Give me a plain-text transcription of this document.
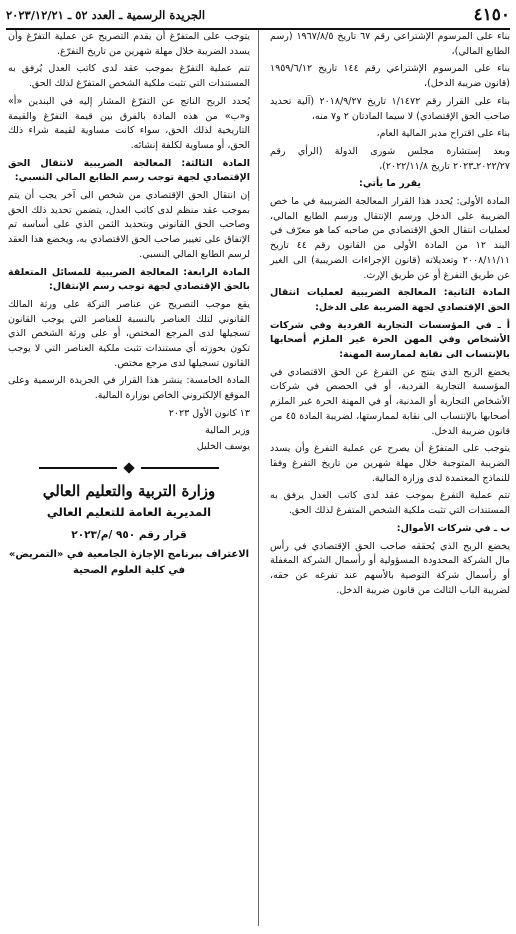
٤١٥٠
الجريدة الرسمية ـ العدد ٥٢ ـ ٢٠٢٣/١٢/٢١

بناء على المرسوم الإشتراعي رقم ٦٧ تاريخ ١٩٦٧/٨/٥ (رسم الطابع المالي)،

بناء على المرسوم الإشتراعي رقم ١٤٤ تاريخ ١٩٥٩/٦/١٢ (قانون ضريبة الدخل)،

بناء على القرار رقم ١/١٤٧٢ تاريخ ٢٠١٨/٩/٢٧ (آلية تحديد صاحب الحق الإقتصادي) لا سيما المادتان ٢ و٧ منه،

بناء على اقتراح مدير المالية العام،

وبعد إستشارة مجلس شورى الدولة (الرأي رقم ٢٠٢٢/٢٧ـ٢٠٢٣ تاريخ ٢٠٢٢/١١/٨)،

يقرر ما يأتي:

المادة الأولى: يُحدد هذا القرار المعالجة الضريبية في ما خص الضريبة على الدخل ورسم الإنتقال ورسم الطابع المالي، لعمليات انتقال الحق الإقتصادي من صاحبه كما هو معرّف في البند ١٢ من المادة الأولى من القانون رقم ٤٤ تاريخ ٢٠٠٨/١١/١١ وتعديلاته (قانون الإجراءات الضريبية) الى الغير عن طريق التفرغ أو عن طريق الإرث.

المادة الثانية: المعالجة الضريبية لعمليات انتقال الحق الإقتصادي لجهة الضريبة على الدخل:

أ ـ في المؤسسات التجارية الفردية وفي شركات الأشخاص وفي المهن الحرة غير الملزم أصحابها بالإنتساب الى نقابة لممارسة المهنة:

يخضع الربح الذي ينتج عن التفرغ عن الحق الاقتصادي في المؤسسة التجارية الفردية، أو في الحصص في شركات الأشخاص التجارية أو المدنية، أو في المهنة الحرة غير الملزم أصحابها بالإنتساب الى نقابة لممارستها، لضريبة المادة ٤٥ من قانون ضريبة الدخل.

يتوجب على المتفرّغ أن يصرح عن عملية التفرغ وأن يسدد الضريبة المتوجبة خلال مهلة شهرين من تاريخ التفرغ وفقا للنماذج المعتمدة لدى وزارة المالية.

تتم عملية التفرغ بموجب عقد لدى كاتب العدل يرفق به المستندات التي تثبت ملكية الشخص المتفرغ لذلك الحق.

ب ـ في شركات الأموال:

يخضع الربح الذي يُحققه صاحب الحق الإقتصادي في رأس مال الشركة المحدودة المسؤولية أو رأسمال الشركة المغفلة أو رأسمال شركة التوصية بالأسهم عند تفرغه عن حقه، لضريبة الباب الثالث من قانون ضريبة الدخل.

يتوجب على المتفرّغ أن يقدم التصريح عن عملية التفرّغ وأن يسدد الضريبة خلال مهلة شهرين من تاريخ التفرّغ.

تتم عملية التفرّغ بموجب عقد لدى كاتب العدل يُرفق به المستندات التي تثبت ملكية الشخص المتفرّغ لذلك الحق.

يُحدد الربح الناتج عن التفرّغ المشار إليه في البندين «أ» و«ب» من هذه المادة بالفرق بين قيمة التفرّغ والقيمة التاريخية لذلك الحق، سواء كانت مساوية لقيمة شراء ذلك الحق، أو مساوية لكلفة إنشائه.

المادة الثالثة: المعالجة الضريبية لانتقال الحق الإقتصادي لجهة توجب رسم الطابع المالي النسبي:

إن انتقال الحق الإقتصادي من شخص الى آخر يجب أن يتم بموجب عقد منظم لدى كاتب العدل، يتضمن تحديد ذلك الحق وصاحب الحق القانوني وبتحديد الثمن الذي على أساسه تم الإتفاق على تغيير صاحب الحق الاقتصادي به، ويخضع هذا العقد لرسم الطابع المالي النسبي.

المادة الرابعة: المعالجة الضريبية للمسائل المتعلقة بالحق الإقتصادي لجهة توجب رسم الإنتقال:

يقع موجب التصريح عن عناصر التركة على ورثة المالك القانوني لتلك العناصر بالنسبة للعناصر التي يوجب القانون تسجيلها لدى المرجع المختص، أو على ورثة الشخص الذي تكون بحوزته أي مستندات تثبت ملكية العناصر التي لا يوجب القانون تسجيلها لدى مرجع مختص.

المادة الخامسة: ينشر هذا القرار في الجريدة الرسمية وعلى الموقع الإلكتروني الخاص بوزارة المالية.

١٣ كانون الأول ٢٠٢٣

وزير المالية

يوسف الخليل

وزارة التربية والتعليم العالي
المديرية العامة للتعليم العالي
قرار رقم ٩٥٠ /م/٢٠٢٣
الاعتراف ببرنامج الإجازة الجامعية في «التمريض» في كلية العلوم الصحية
